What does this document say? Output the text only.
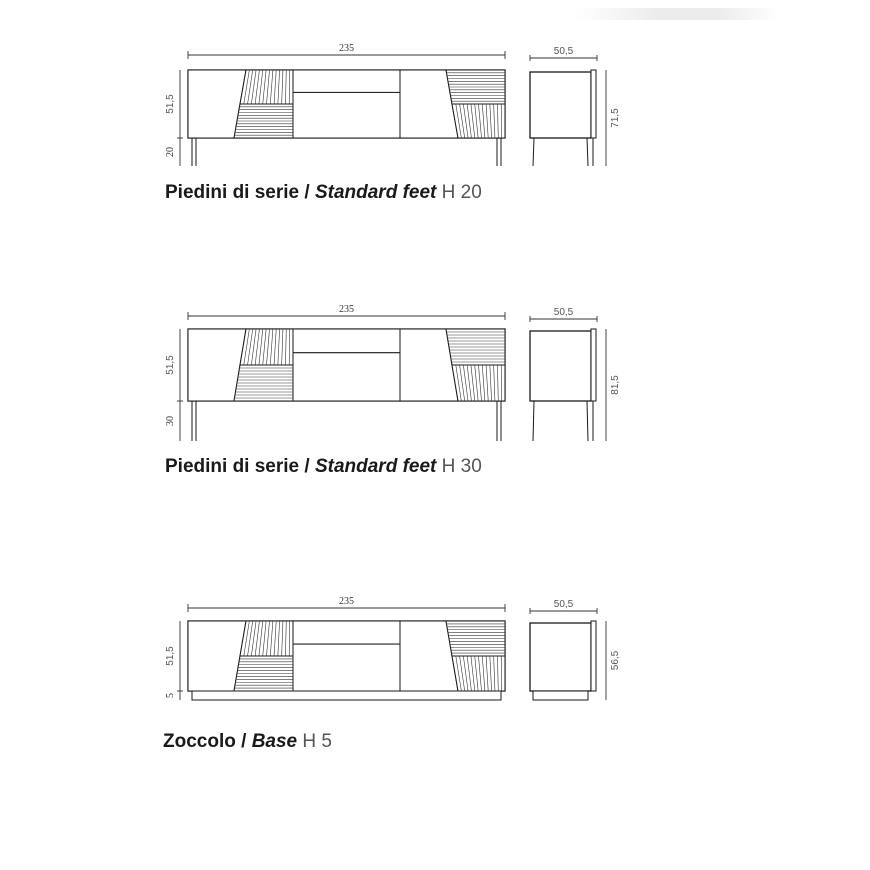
235
51,5
20
50,5
71,5
235
51,5
30
50,5
81,5
235
51,5
5
50,5
56,5
Piedini di serie / Standard feet H 20
Piedini di serie / Standard feet H 30
Zoccolo / Base H 5
